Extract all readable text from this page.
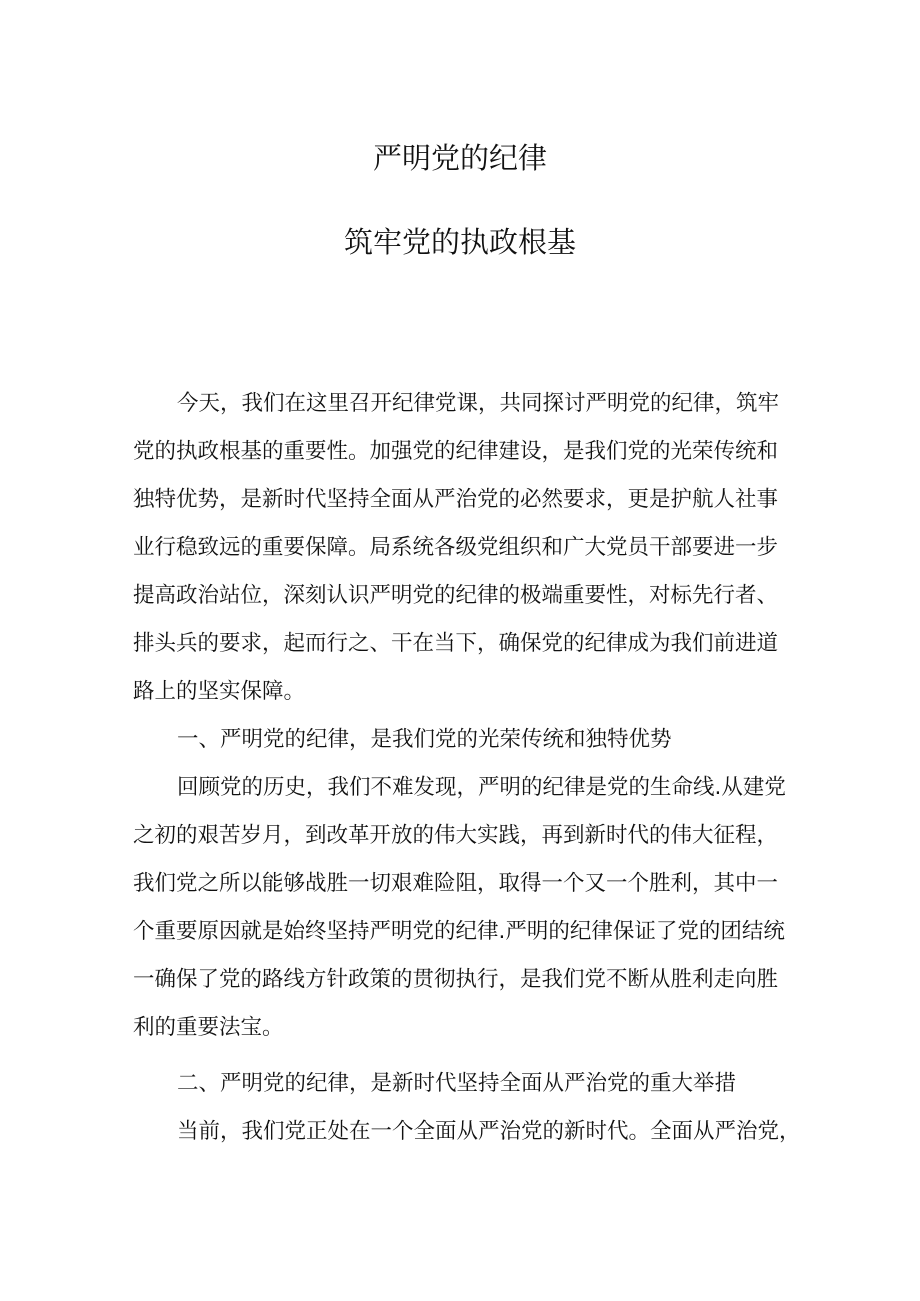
严明党的纪律
筑牢党的执政根基
今天，我们在这里召开纪律党课，共同探讨严明党的纪律，筑牢
党的执政根基的重要性。加强党的纪律建设，是我们党的光荣传统和
独特优势，是新时代坚持全面从严治党的必然要求，更是护航人社事
业行稳致远的重要保障。局系统各级党组织和广大党员干部要进一步
提高政治站位，深刻认识严明党的纪律的极端重要性，对标先行者、
排头兵的要求，起而行之、干在当下，确保党的纪律成为我们前进道
路上的坚实保障。
一、严明党的纪律，是我们党的光荣传统和独特优势
回顾党的历史，我们不难发现，严明的纪律是党的生命线.从建党
之初的艰苦岁月，到改革开放的伟大实践，再到新时代的伟大征程，
我们党之所以能够战胜一切艰难险阻，取得一个又一个胜利，其中一
个重要原因就是始终坚持严明党的纪律.严明的纪律保证了党的团结统
一确保了党的路线方针政策的贯彻执行，是我们党不断从胜利走向胜
利的重要法宝。
二、严明党的纪律，是新时代坚持全面从严治党的重大举措
当前，我们党正处在一个全面从严治党的新时代。全面从严治党，
